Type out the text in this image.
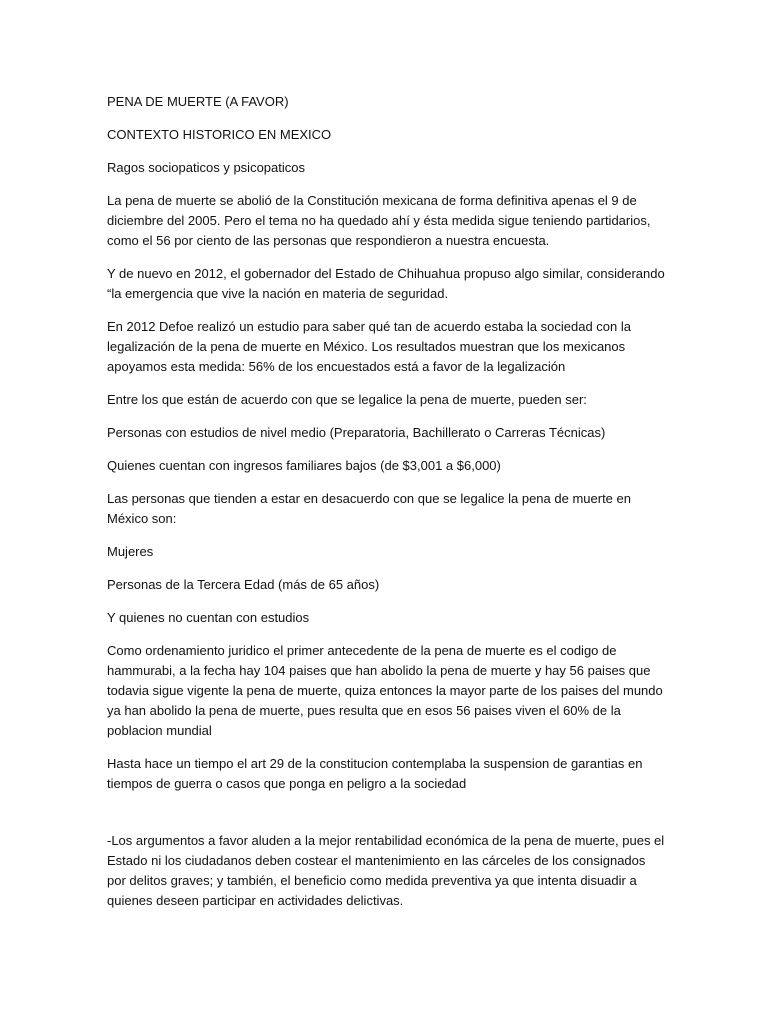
PENA DE MUERTE (A FAVOR)

CONTEXTO HISTORICO EN MEXICO

Ragos sociopaticos y psicopaticos

La pena de muerte se abolió de la Constitución mexicana de forma definitiva apenas el 9 de diciembre del 2005. Pero el tema no ha quedado ahí y ésta medida sigue teniendo partidarios, como el 56 por ciento de las personas que respondieron a nuestra encuesta.

Y de nuevo en 2012, el gobernador del Estado de Chihuahua propuso algo similar, considerando “la emergencia que vive la nación en materia de seguridad.

En 2012 Defoe realizó un estudio para saber qué tan de acuerdo estaba la sociedad con la legalización de la pena de muerte en México. Los resultados muestran que los mexicanos apoyamos esta medida: 56% de los encuestados está a favor de la legalización

Entre los que están de acuerdo con que se legalice la pena de muerte, pueden ser:

Personas con estudios de nivel medio (Preparatoria, Bachillerato o Carreras Técnicas)

Quienes cuentan con ingresos familiares bajos (de $3,001 a $6,000)

Las personas que tienden a estar en desacuerdo con que se legalice la pena de muerte en México son:

Mujeres

Personas de la Tercera Edad (más de 65 años)

Y quienes no cuentan con estudios

Como ordenamiento juridico el primer antecedente de la pena de muerte es el codigo de hammurabi, a la fecha hay 104 paises que han abolido la pena de muerte y hay 56 paises que todavia sigue vigente la pena de muerte, quiza entonces la mayor parte de los paises del mundo ya han abolido la pena de muerte, pues resulta que en esos 56 paises viven el 60% de la poblacion mundial

Hasta hace un tiempo el art 29 de la constitucion contemplaba la suspension de garantias en tiempos de guerra o casos que ponga en peligro a la sociedad

-Los argumentos a favor aluden a la mejor rentabilidad económica de la pena de muerte, pues el Estado ni los ciudadanos deben costear el mantenimiento en las cárceles de los consignados por delitos graves; y también, el beneficio como medida preventiva ya que intenta disuadir a quienes deseen participar en actividades delictivas.
